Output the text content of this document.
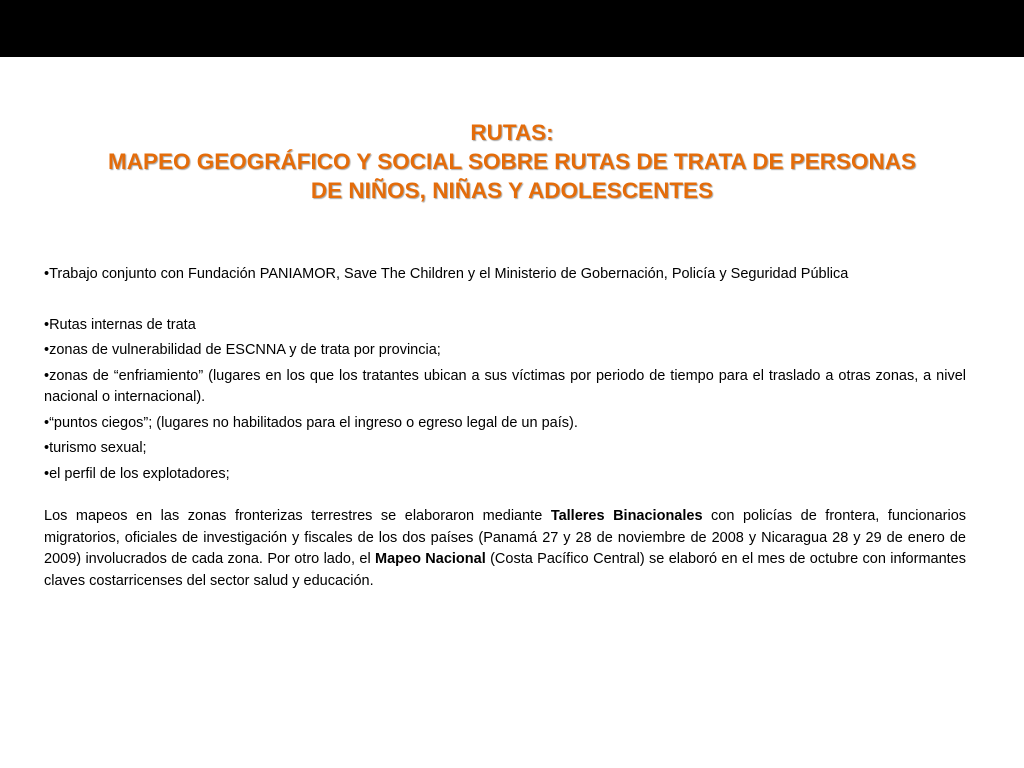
RUTAS:
MAPEO GEOGRÁFICO Y SOCIAL SOBRE RUTAS DE TRATA DE PERSONAS
DE NIÑOS, NIÑAS Y ADOLESCENTES

•Trabajo conjunto con Fundación PANIAMOR, Save The Children y el Ministerio de Gobernación, Policía y Seguridad Pública

•Rutas internas de trata

•zonas de vulnerabilidad de ESCNNA y de trata por provincia;

•zonas de “enfriamiento” (lugares en los que los tratantes ubican a sus víctimas por periodo de tiempo para el traslado a otras zonas, a nivel nacional o internacional).

•“puntos ciegos”; (lugares no habilitados para el ingreso o egreso legal de un país).

•turismo sexual;

•el perfil de los explotadores;

Los mapeos en las zonas fronterizas terrestres se elaboraron mediante Talleres Binacionales con policías de frontera, funcionarios migratorios, oficiales de investigación y fiscales de los dos países (Panamá 27 y 28 de noviembre de 2008 y Nicaragua 28 y 29 de enero de 2009) involucrados de cada zona. Por otro lado, el Mapeo Nacional (Costa Pacífico Central) se elaboró en el mes de octubre con informantes claves costarricenses del sector salud y educación.
